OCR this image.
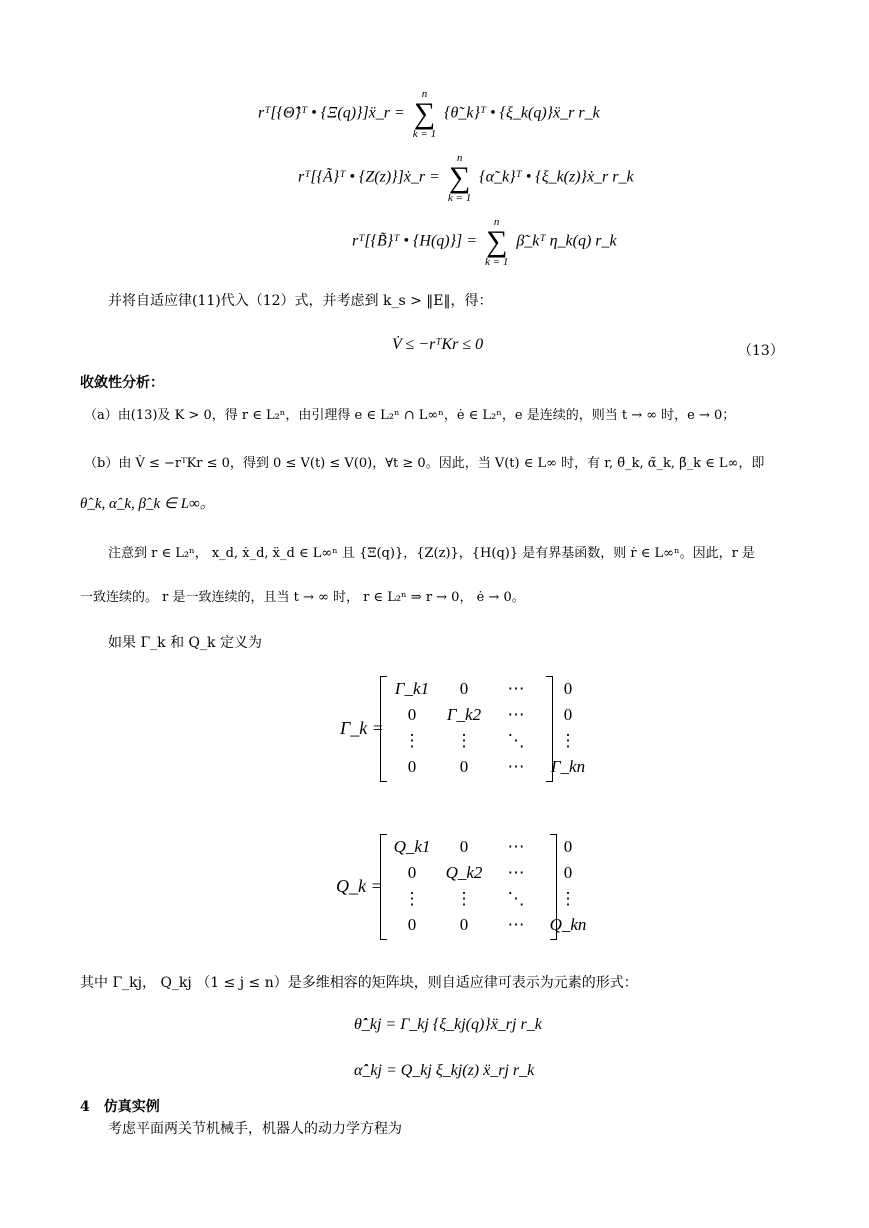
rᵀ[{Θ̃}ᵀ • {Ξ(q)}]ẍ_r =
n
∑
k = 1
{θ̃_k}ᵀ • {ξ_k(q)}ẍ_r r_k
rᵀ[{Ã}ᵀ • {Z(z)}]ẋ_r =
n
∑
k = 1
{α̃_k}ᵀ • {ξ_k(z)}ẋ_r r_k
rᵀ[{B̃}ᵀ • {H(q)}] =
n
∑
k = 1
β̃_kᵀ η_k(q) r_k
并将自适应律(11)代入（12）式，并考虑到 k_s > ‖E‖，得：
V̇ ≤ −rᵀKr ≤ 0	（13）
收敛性分析：
（a）由(13)及 K > 0，得 r ∈ L₂ⁿ，由引理得 e ∈ L₂ⁿ ∩ L∞ⁿ，ė ∈ L₂ⁿ，e 是连续的，则当 t → ∞ 时，e → 0；
（b）由 V̇ ≤ −rᵀKr ≤ 0，得到 0 ≤ V(t) ≤ V(0)，∀t ≥ 0。因此，当 V(t) ∈ L∞ 时，有 r, θ̃_k, α̃_k, β̃_k ∈ L∞，即
θ̂_k, α̂_k, β̂_k ∈ L∞。
注意到 r ∈ L₂ⁿ， x_d, ẋ_d, ẍ_d ∈ L∞ⁿ 且 {Ξ(q)}，{Z(z)}，{H(q)} 是有界基函数，则 ṙ ∈ L∞ⁿ。因此，r 是
一致连续的。 r 是一致连续的，且当 t → ∞ 时， r ∈ L₂ⁿ ⇒ r → 0， ė → 0。
如果 Γ_k 和 Q_k 定义为
Γ_k =
Γ_k1	0	⋯	0
0	Γ_k2	⋯	0
⋮	⋮	⋱	⋮
0	0	⋯	Γ_kn
Q_k =
Q_k1	0	⋯	0
0	Q_k2	⋯	0
⋮	⋮	⋱	⋮
0	0	⋯	Q_kn
其中 Γ_kj， Q_kj （1 ≤ j ≤ n）是多维相容的矩阵块，则自适应律可表示为元素的形式：
θ̂̇_kj = Γ_kj {ξ_kj(q)}ẍ_rj r_k
α̂̇_kj = Q_kj ξ_kj(z) ẍ_rj r_k
4　仿真实例
考虑平面两关节机械手，机器人的动力学方程为
